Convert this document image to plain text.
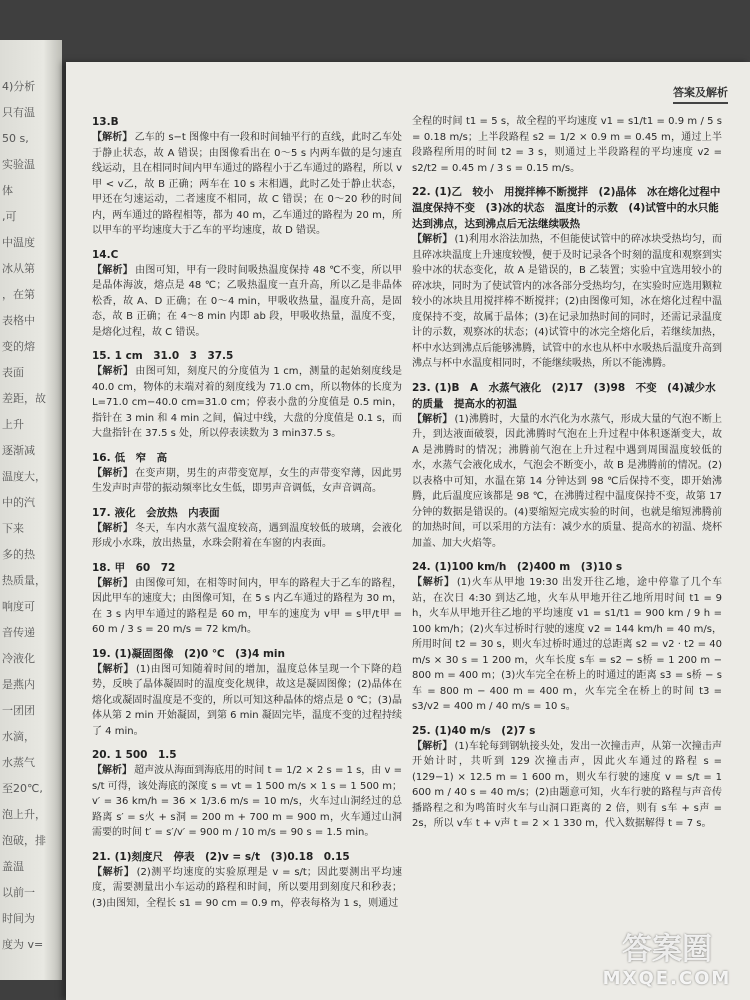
4)分析
只有温
50 s,
实验温
体
,可
中温度
冰从第
，在第
表格中
变的熔
表面
差距，故
上升
逐渐减
温度大，
中的汽
下来
多的热
热质量，
响度可
音传递
冷液化
是燕内
一团团
水滴，
水蒸气
至20℃,
泡上升，
泡破，排
盖温
以前一
时间为
度为 v=
答案及解析
13.B
【解析】 乙车的 s−t 图像中有一段和时间轴平行的直线，此时乙车处于静止状态，故 A 错误；由图像看出在 0～5 s 内两车做的是匀速直线运动，且在相同时间内甲车通过的路程小于乙车通过的路程，所以 v甲 < v乙，故 B 正确；两车在 10 s 末相遇，此时乙处于静止状态，甲还在匀速运动，二者速度不相同，故 C 错误；在 0～20 秒的时间内，两车通过的路程相等，都为 40 m，乙车通过的路程为 20 m，所以甲车的平均速度大于乙车的平均速度，故 D 错误。
14.C
【解析】 由图可知，甲有一段时间吸热温度保持 48 ℃不变，所以甲是晶体海波，熔点是 48 ℃；乙吸热温度一直升高，所以乙是非晶体松香，故 A、D 正确；在 0～4 min，甲吸收热量，温度升高，是固态，故 B 正确；在 4～8 min 内即 ab 段，甲吸收热量，温度不变，是熔化过程，故 C 错误。
15. 1 cm　31.0　3　37.5
【解析】 由图可知，刻度尺的分度值为 1 cm，测量的起始刻度线是 40.0 cm，物体的末端对着的刻度线为 71.0 cm，所以物体的长度为 L=71.0 cm−40.0 cm=31.0 cm；停表小盘的分度值是 0.5 min，指针在 3 min 和 4 min 之间，偏过中线，大盘的分度值是 0.1 s，而大盘指针在 37.5 s 处，所以停表读数为 3 min37.5 s。
16. 低　窄　高
【解析】 在变声期，男生的声带变宽厚，女生的声带变窄薄，因此男生发声时声带的振动频率比女生低，即男声音调低，女声音调高。
17. 液化　会放热　内表面
【解析】 冬天，车内水蒸气温度较高，遇到温度较低的玻璃，会液化形成小水珠，放出热量，水珠会附着在车窗的内表面。
18. 甲　60　72
【解析】 由图像可知，在相等时间内，甲车的路程大于乙车的路程，因此甲车的速度大；由图像可知，在 5 s 内乙车通过的路程为 30 m，在 3 s 内甲车通过的路程是 60 m，甲车的速度为 v甲 = s甲/t甲 = 60 m / 3 s = 20 m/s = 72 km/h。
19. (1)凝固图像　(2)0 ℃　(3)4 min
【解析】 (1)由图可知随着时间的增加，温度总体呈现一个下降的趋势，反映了晶体凝固时的温度变化规律，故这是凝固图像；(2)晶体在熔化或凝固时温度是不变的，所以可知这种晶体的熔点是 0 ℃；(3)晶体从第 2 min 开始凝固，到第 6 min 凝固完毕，温度不变的过程持续了 4 min。
20. 1 500　1.5
【解析】 超声波从海面到海底用的时间 t = 1/2 × 2 s = 1 s，由 v = s/t 可得，该处海底的深度 s = vt = 1 500 m/s × 1 s = 1 500 m；v′ = 36 km/h = 36 × 1/3.6 m/s = 10 m/s，火车过山洞经过的总路离 s′ = s火 + s洞 = 200 m + 700 m = 900 m，火车通过山洞需要的时间 t′ = s′/v′ = 900 m / 10 m/s = 90 s = 1.5 min。
21. (1)刻度尺　停表　(2)v = s/t　(3)0.18　0.15
【解析】 (2)测平均速度的实验原理是 v = s/t；因此要测出平均速度，需要测量出小车运动的路程和时间，所以要用到刻度尺和秒表；(3)由图知，全程长 s1 = 90 cm = 0.9 m，停表每格为 1 s，则通过
全程的时间 t1 = 5 s，故全程的平均速度 v1 = s1/t1 = 0.9 m / 5 s = 0.18 m/s；上半段路程 s2 = 1/2 × 0.9 m = 0.45 m，通过上半段路程所用的时间 t2 = 3 s，则通过上半段路程的平均速度 v2 = s2/t2 = 0.45 m / 3 s = 0.15 m/s。
22. (1)乙　较小　用搅拌棒不断搅拌　(2)晶体　冰在熔化过程中温度保持不变　(3)冰的状态　温度计的示数　(4)试管中的水只能达到沸点，达到沸点后无法继续吸热
【解析】 (1)利用水浴法加热，不但能使试管中的碎冰块受热均匀，而且碎冰块温度上升速度较慢，便于及时记录各个时刻的温度和观察到实验中冰的状态变化，故 A 是错误的，B 乙装置；实验中宜选用较小的碎冰块，同时为了使试管内的冰各部分受热均匀，在实验时应选用颗粒较小的冰块且用搅拌棒不断搅拌；(2)由图像可知，冰在熔化过程中温度保持不变，故属于晶体；(3)在记录加热时间的同时，还需记录温度计的示数，观察冰的状态；(4)试管中的冰完全熔化后，若继续加热，杯中水达到沸点后能够沸腾，试管中的水也从杯中水吸热后温度升高到沸点与杯中水温度相同时，不能继续吸热，所以不能沸腾。
23. (1)B　A　水蒸气液化　(2)17　(3)98　不变　(4)减少水的质量　提高水的初温
【解析】 (1)沸腾时，大量的水汽化为水蒸气，形成大量的气泡不断上升，到达液面破裂，因此沸腾时气泡在上升过程中体积逐渐变大，故 A 是沸腾时的情况；沸腾前气泡在上升过程中遇到周围温度较低的水，水蒸气会液化成水，气泡会不断变小，故 B 是沸腾前的情况。(2)以表格中可知，水温在第 14 分钟达到 98 ℃后保持不变，即开始沸腾，此后温度应该都是 98 ℃，在沸腾过程中温度保持不变，故第 17 分钟的数据是错误的。(4)要缩短完成实验的时间，也就是缩短沸腾前的加热时间，可以采用的方法有：减少水的质量、提高水的初温、烧杯加盖、加大火焰等。
24. (1)100 km/h　(2)400 m　(3)10 s
【解析】 (1)火车从甲地 19:30 出发开往乙地，途中停靠了几个车站，在次日 4:30 到达乙地，火车从甲地开往乙地所用时间 t1 = 9 h，火车从甲地开往乙地的平均速度 v1 = s1/t1 = 900 km / 9 h = 100 km/h；(2)火车过桥时行驶的速度 v2 = 144 km/h = 40 m/s，所用时间 t2 = 30 s，则火车过桥时通过的总距离 s2 = v2 · t2 = 40 m/s × 30 s = 1 200 m，火车长度 s车 = s2 − s桥 = 1 200 m − 800 m = 400 m；(3)火车完全在桥上的时通过的距离 s3 = s桥 − s车 = 800 m − 400 m = 400 m，火车完全在桥上的时间 t3 = s3/v2 = 400 m / 40 m/s = 10 s。
25. (1)40 m/s　(2)7 s
【解析】 (1)车轮每到钢轨接头处，发出一次撞击声，从第一次撞击声开始计时，共听到 129 次撞击声，因此火车通过的路程 s = (129−1) × 12.5 m = 1 600 m，则火车行驶的速度 v = s/t = 1 600 m / 40 s = 40 m/s；(2)由题意可知，火车行驶的路程与声音传播路程之和为鸣笛时火车与山洞口距离的 2 倍，则有 s车 + s声 = 2s，所以 v车 t + v声 t = 2 × 1 330 m，代入数据解得 t = 7 s。
答案圈
MXQE.COM
